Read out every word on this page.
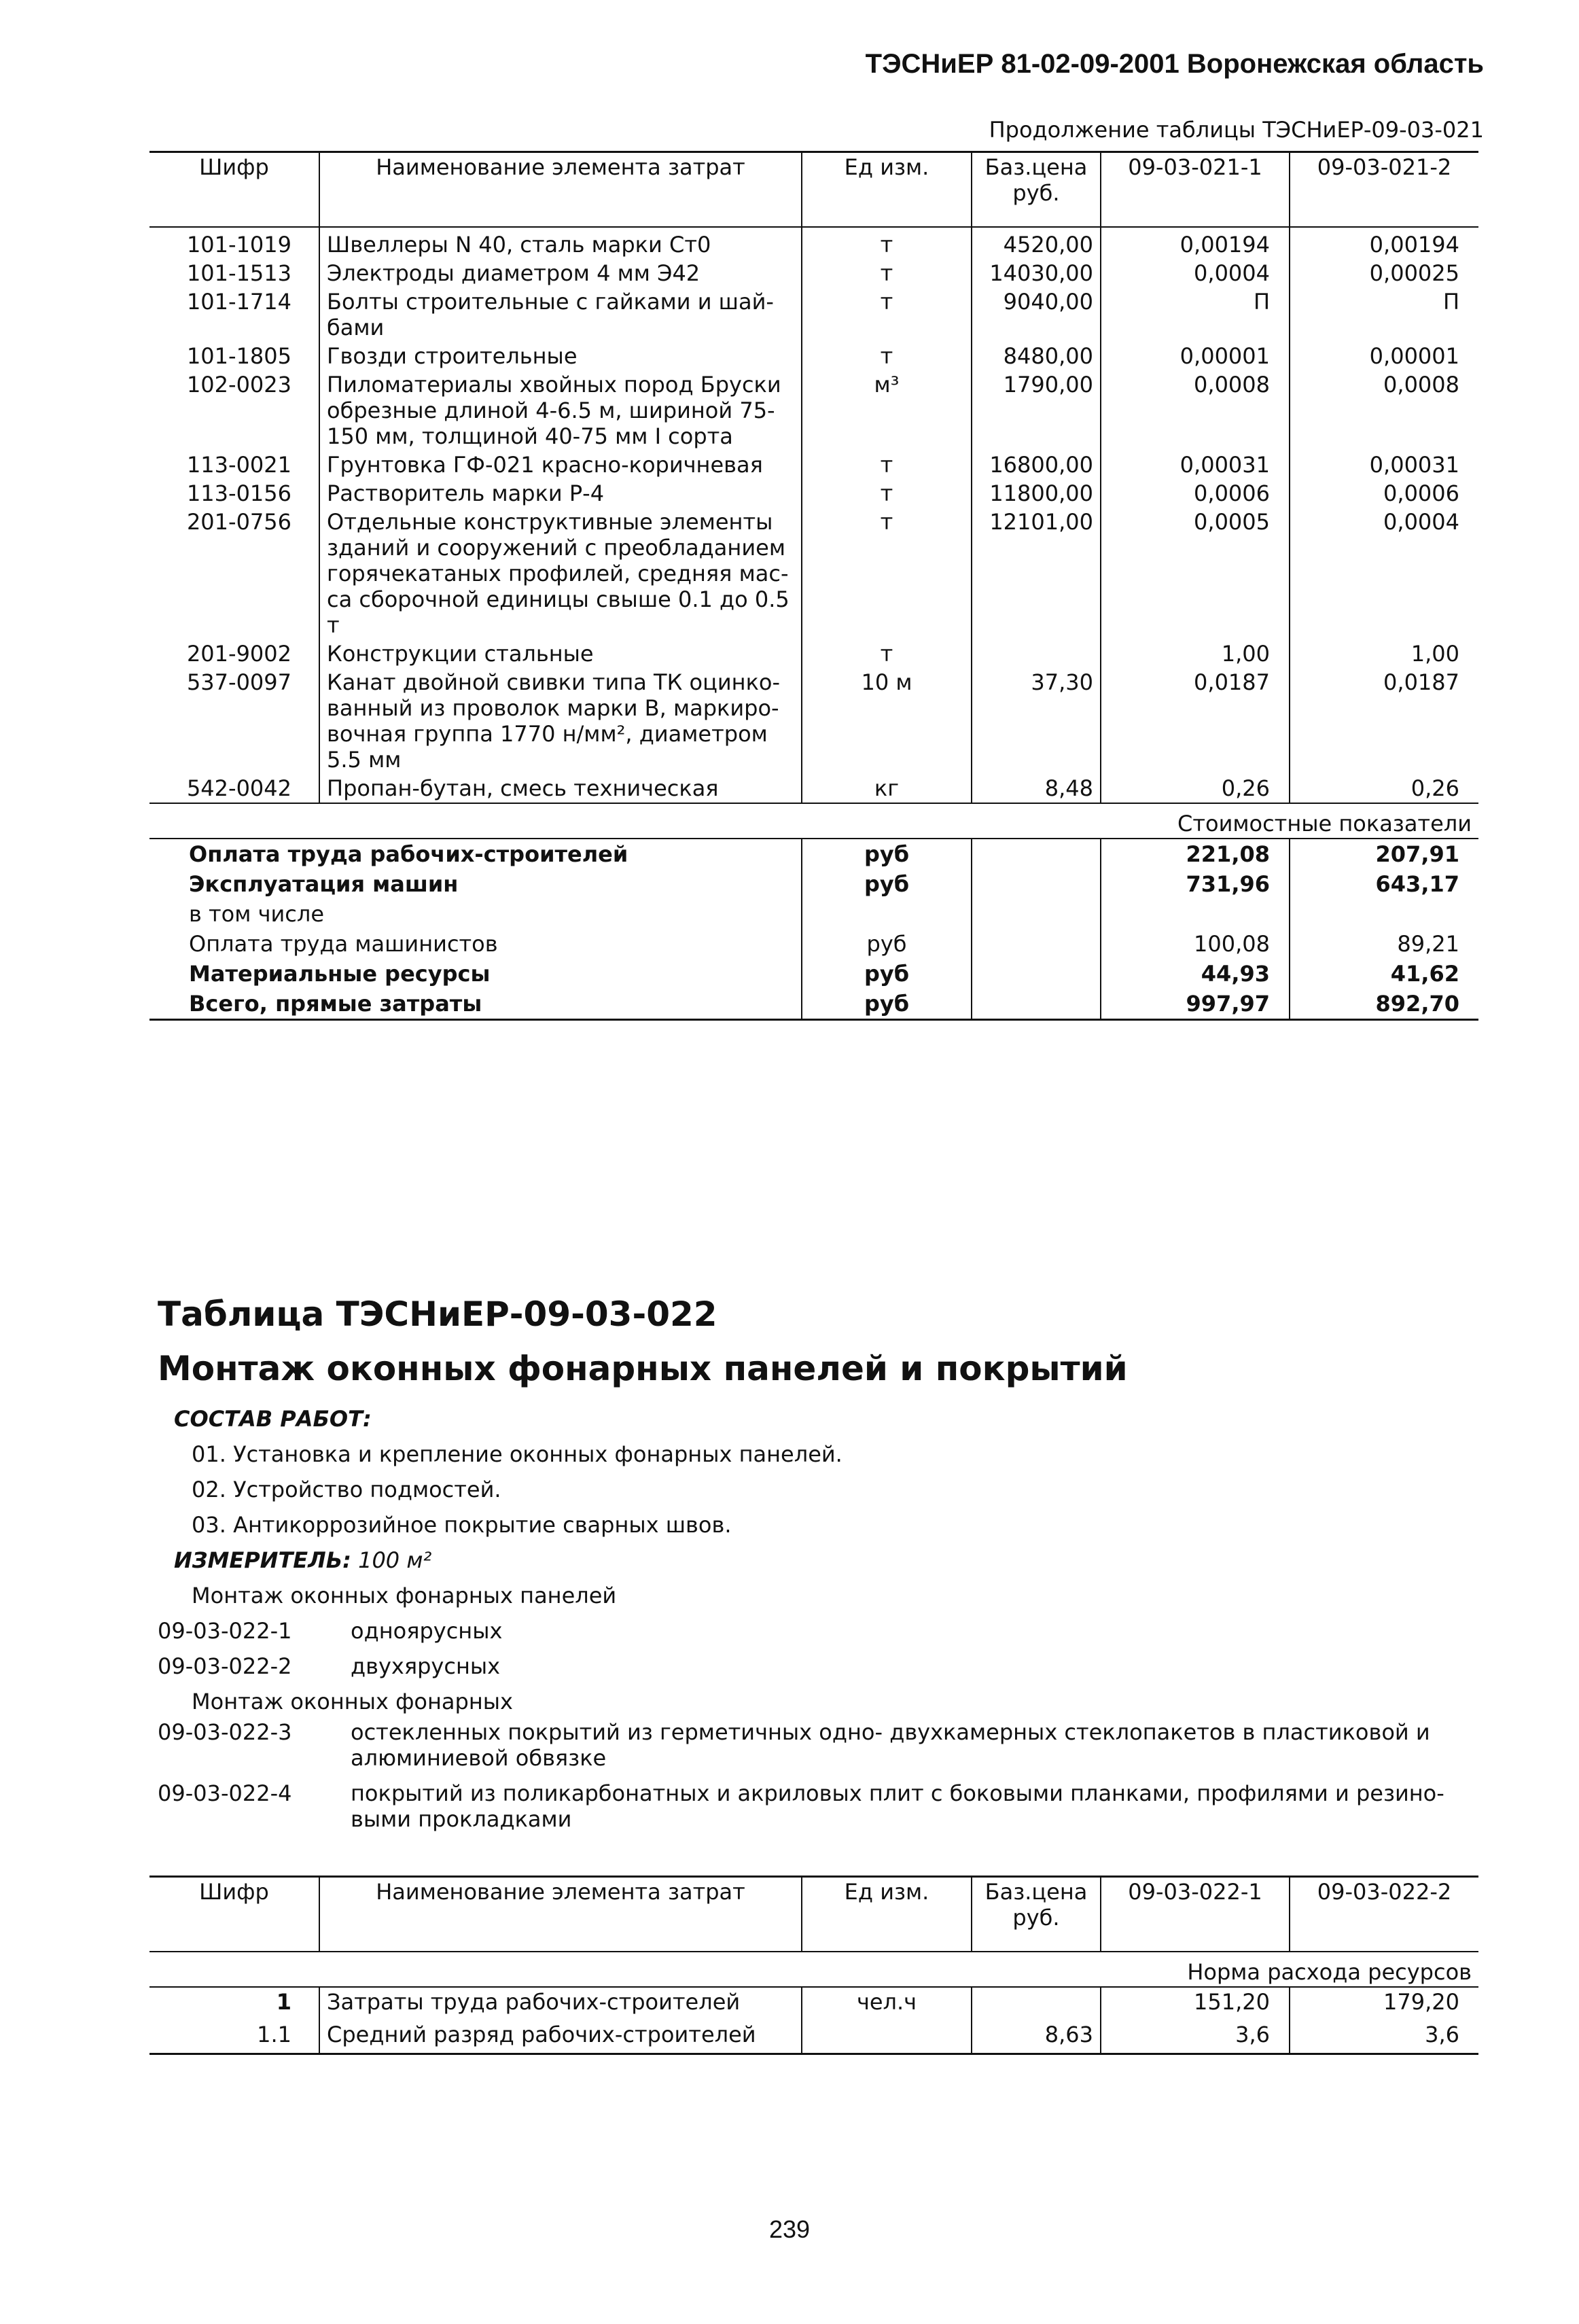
ТЭСНиЕР 81-02-09-2001 Воронежская область
Продолжение таблицы ТЭСНиЕР-09-03-021
Шифр	Наименование элемента затрат	Ед изм.	Баз.цена руб.	09-03-021-1	09-03-021-2
101-1019	Швеллеры N 40, сталь марки Ст0	т	4520,00	0,00194	0,00194
101-1513	Электроды диаметром 4 мм Э42	т	14030,00	0,0004	0,00025
101-1714	Болты строительные с гайками и шай-бами	т	9040,00	П	П
101-1805	Гвозди строительные	т	8480,00	0,00001	0,00001
102-0023	Пиломатериалы хвойных пород Бруски обрезные длиной 4-6.5 м, шириной 75-150 мм, толщиной 40-75 мм I сорта	м³	1790,00	0,0008	0,0008
113-0021	Грунтовка ГФ-021 красно-коричневая	т	16800,00	0,00031	0,00031
113-0156	Растворитель марки Р-4	т	11800,00	0,0006	0,0006
201-0756	Отдельные конструктивные элементы зданий и сооружений с преобладанием горячекатаных профилей, средняя мас-са сборочной единицы свыше 0.1 до 0.5 т	т	12101,00	0,0005	0,0004
201-9002	Конструкции стальные	т		1,00	1,00
537-0097	Канат двойной свивки типа ТК оцинко-ванный из проволок марки В, маркиро-вочная группа 1770 н/мм², диаметром 5.5 мм	10 м	37,30	0,0187	0,0187
542-0042	Пропан-бутан, смесь техническая	кг	8,48	0,26	0,26
Стоимостные показатели					
Оплата труда рабочих-строителей		руб		221,08	207,91
Эксплуатация машин		руб		731,96	643,17
в том числе					
Оплата труда машинистов		руб		100,08	89,21
Материальные ресурсы		руб		44,93	41,62
Всего, прямые затраты		руб		997,97	892,70
Таблица ТЭСНиЕР-09-03-022
Монтаж оконных фонарных панелей и покрытий
СОСТАВ РАБОТ:
01. Установка и крепление оконных фонарных панелей.
02. Устройство подмостей.
03. Антикоррозийное покрытие сварных швов.
ИЗМЕРИТЕЛЬ: 100 м²
Монтаж оконных фонарных панелей
09-03-022-1	одноярусных
09-03-022-2	двухярусных
Монтаж оконных фонарных
09-03-022-3	остекленных покрытий из герметичных одно- двухкамерных стеклопакетов в пластиковой и алюминиевой обвязке
09-03-022-4	покрытий из поликарбонатных и акриловых плит с боковыми планками, профилями и резино-выми прокладками
Шифр	Наименование элемента затрат	Ед изм.	Баз.цена руб.	09-03-022-1	09-03-022-2
Норма расхода ресурсов					
1	Затраты труда рабочих-строителей	чел.ч		151,20	179,20
1.1	Средний разряд рабочих-строителей		8,63	3,6	3,6
239
